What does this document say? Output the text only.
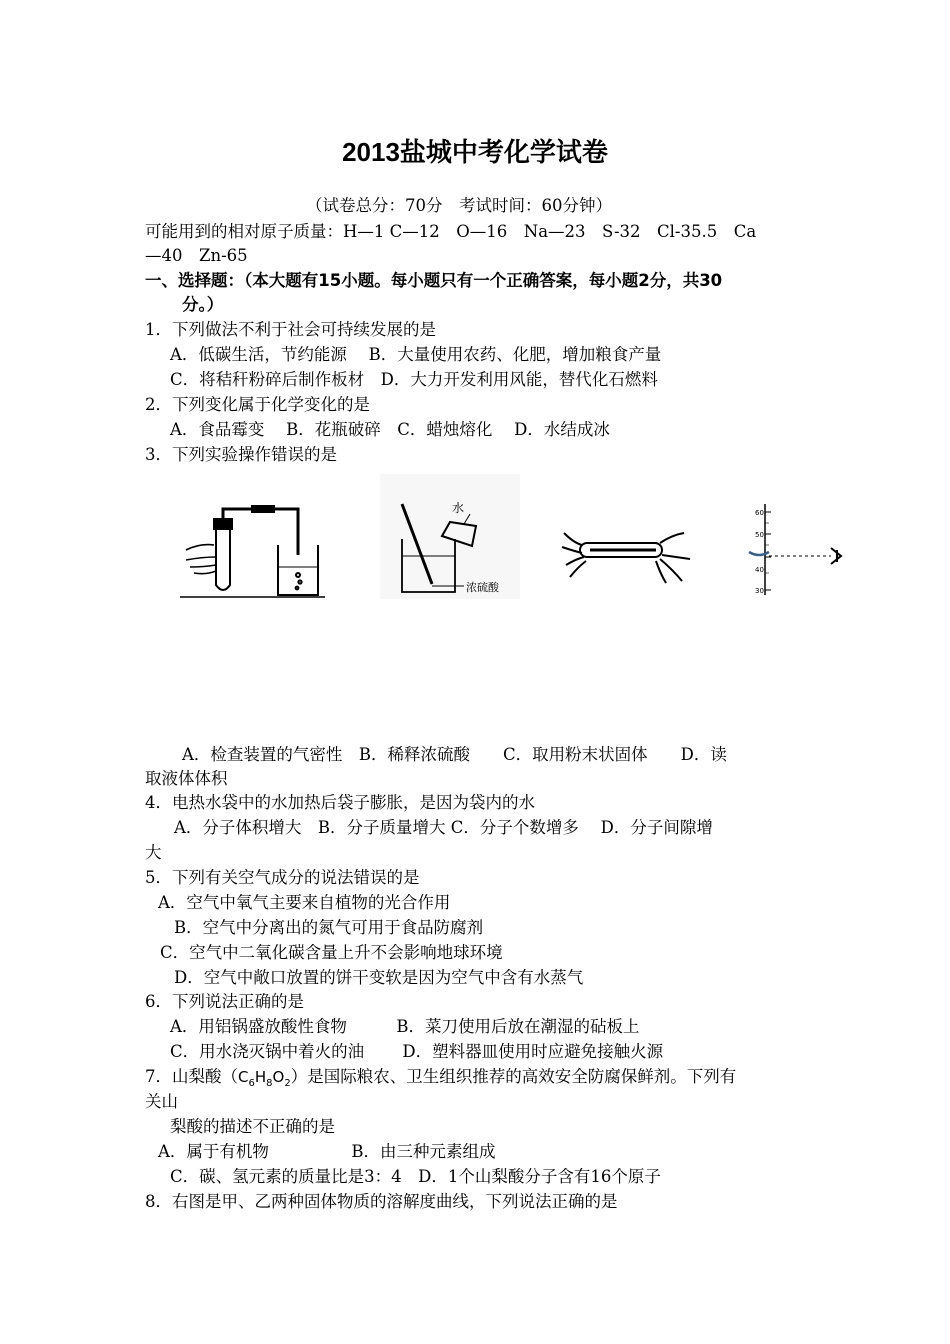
2013盐城中考化学试卷
（试卷总分：70分　考试时间：60分钟）
可能用到的相对原子质量：H—1 C—12　O—16　Na—23　S-32　Cl-35.5　Ca
—40　Zn-65
一、选择题：（本大题有15小题。每小题只有一个正确答案，每小题2分，共30
分。）
1．下列做法不利于社会可持续发展的是
A．低碳生活，节约能源　 B．大量使用农药、化肥，增加粮食产量
C．将秸秆粉碎后制作板材　D．大力开发利用风能，替代化石燃料
2．下列变化属于化学变化的是
A．食品霉变　 B．花瓶破碎　C．蜡烛熔化　 D．水结成冰
3．下列实验操作错误的是
水
浓硫酸
60
50
40
30
A．检查装置的气密性　B．稀释浓硫酸　　C．取用粉末状固体　　D．读
取液体体积
4．电热水袋中的水加热后袋子膨胀，是因为袋内的水
A．分子体积增大　B．分子质量增大 C．分子个数增多　 D．分子间隙增
大
5．下列有关空气成分的说法错误的是
A．空气中氧气主要来自植物的光合作用
B．空气中分离出的氮气可用于食品防腐剂
C．空气中二氧化碳含量上升不会影响地球环境
D．空气中敞口放置的饼干变软是因为空气中含有水蒸气
6．下列说法正确的是
A．用铝锅盛放酸性食物　　　B．菜刀使用后放在潮湿的砧板上
C．用水浇灭锅中着火的油　　 D．塑料器皿使用时应避免接触火源
7．山梨酸$(C_6H_8O_2)$是国际粮农、卫生组织推荐的高效安全防腐保鲜剂。下列有
关山
梨酸的描述不正确的是
A．属于有机物　　　　　B．由三种元素组成
C．碳、氢元素的质量比是3：4　D．1个山梨酸分子含有16个原子
8．右图是甲、乙两种固体物质的溶解度曲线，下列说法正确的是
